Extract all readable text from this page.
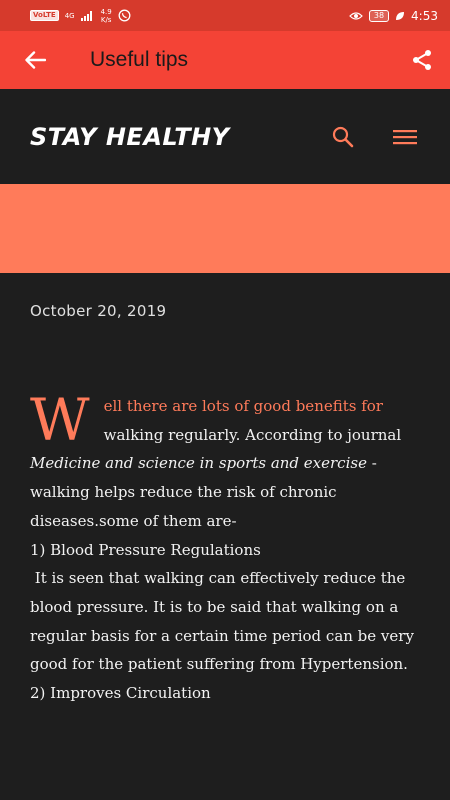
VoLTE	4G	4.9
K/s	38	4:53
Useful tips
STAY HEALTHY
October 20, 2019

Well there are lots of good benefits for walking regularly. According to journal Medicine and science in sports and exercise - walking helps reduce the risk of chronic diseases.some of them are-

1) Blood Pressure Regulations

It is seen that walking can effectively reduce the blood pressure. It is to be said that walking on a regular basis for a certain time period can be very good for the patient suffering from Hypertension.

2) Improves Circulation
